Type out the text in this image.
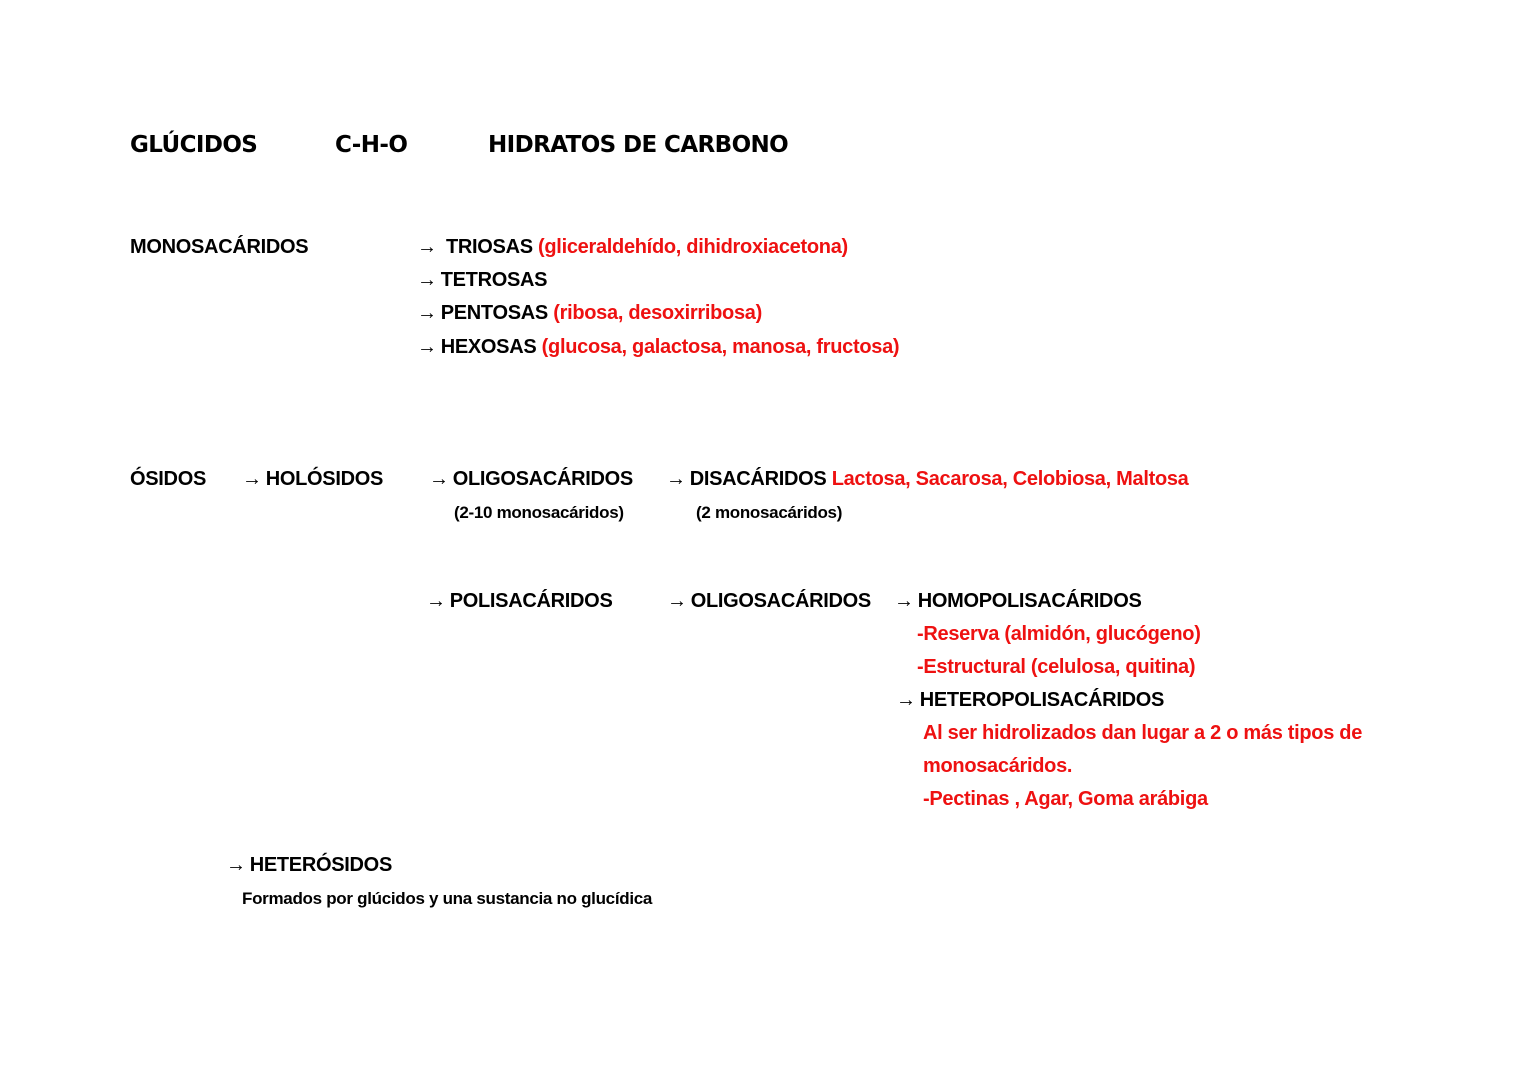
GLÚCIDOS	C-H-O	HIDRATOS DE CARBONO
MONOSACÁRIDOS	→ TRIOSAS (gliceraldehído, dihidroxiacetona)
→ TETROSAS
→ PENTOSAS (ribosa, desoxirribosa)
→ HEXOSAS (glucosa, galactosa, manosa, fructosa)
ÓSIDOS → HOLÓSIDOS → OLIGOSACÁRIDOS
(2-10 monosacáridos)
→ DISACÁRIDOS Lactosa, Sacarosa, Celobiosa, Maltosa
(2 monosacáridos)
→ POLISACÁRIDOS	→ OLIGOSACÁRIDOS → HOMOPOLISACÁRIDOS
-Reserva (almidón, glucógeno)
-Estructural (celulosa, quitina)
→ HETEROPOLISACÁRIDOS
Al ser hidrolizados dan lugar a 2 o más tipos de
monosacáridos.
-Pectinas , Agar, Goma arábiga
→ HETERÓSIDOS
Formados por glúcidos y una sustancia no glucídica
